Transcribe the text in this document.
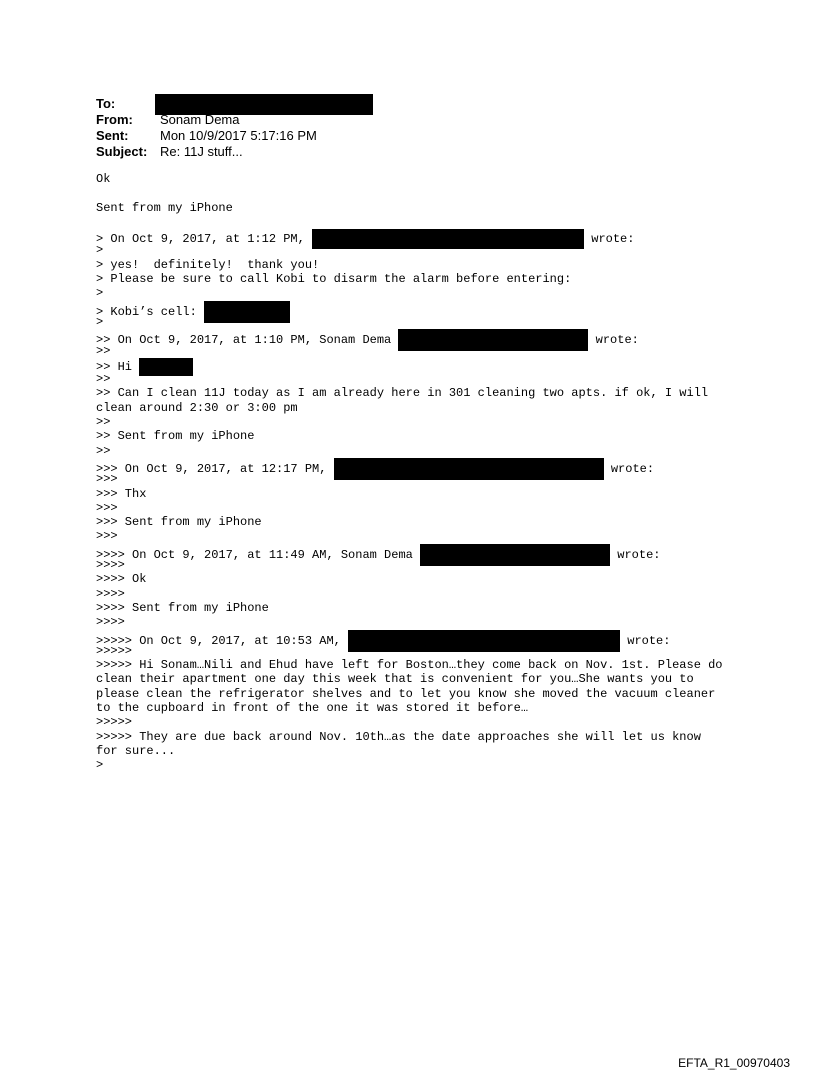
To:
From:	Sonam Dema
Sent:	Mon 10/9/2017 5:17:16 PM
Subject: Re: 11J stuff...
Ok
Sent from my iPhone
> On Oct 9, 2017, at 1:12 PM,	wrote:
>
> yes!  definitely!  thank you!
> Please be sure to call Kobi to disarm the alarm before entering:
>
> Kobi’s cell:
>
>> On Oct 9, 2017, at 1:10 PM, Sonam Dema	wrote:
>>
>> Hi
>>
>> Can I clean 11J today as I am already here in 301 cleaning two apts. if ok, I will clean around 2:30 or 3:00 pm
>>
>> Sent from my iPhone
>>
>>> On Oct 9, 2017, at 12:17 PM,	wrote:
>>>
>>> Thx
>>>
>>> Sent from my iPhone
>>>
>>>> On Oct 9, 2017, at 11:49 AM, Sonam Dema	wrote:
>>>>
>>>> Ok
>>>>
>>>> Sent from my iPhone
>>>>
>>>>> On Oct 9, 2017, at 10:53 AM,	wrote:
>>>>>
>>>>> Hi Sonam…Nili and Ehud have left for Boston…they come back on Nov. 1st. Please do clean their apartment one day this week that is convenient for you…She wants you to please clean the refrigerator shelves and to let you know she moved the vacuum cleaner to the cupboard in front of the one it was stored it before…
>>>>>
>>>>> They are due back around Nov. 10th…as the date approaches she will let us know for sure...
>
EFTA_R1_00970403
